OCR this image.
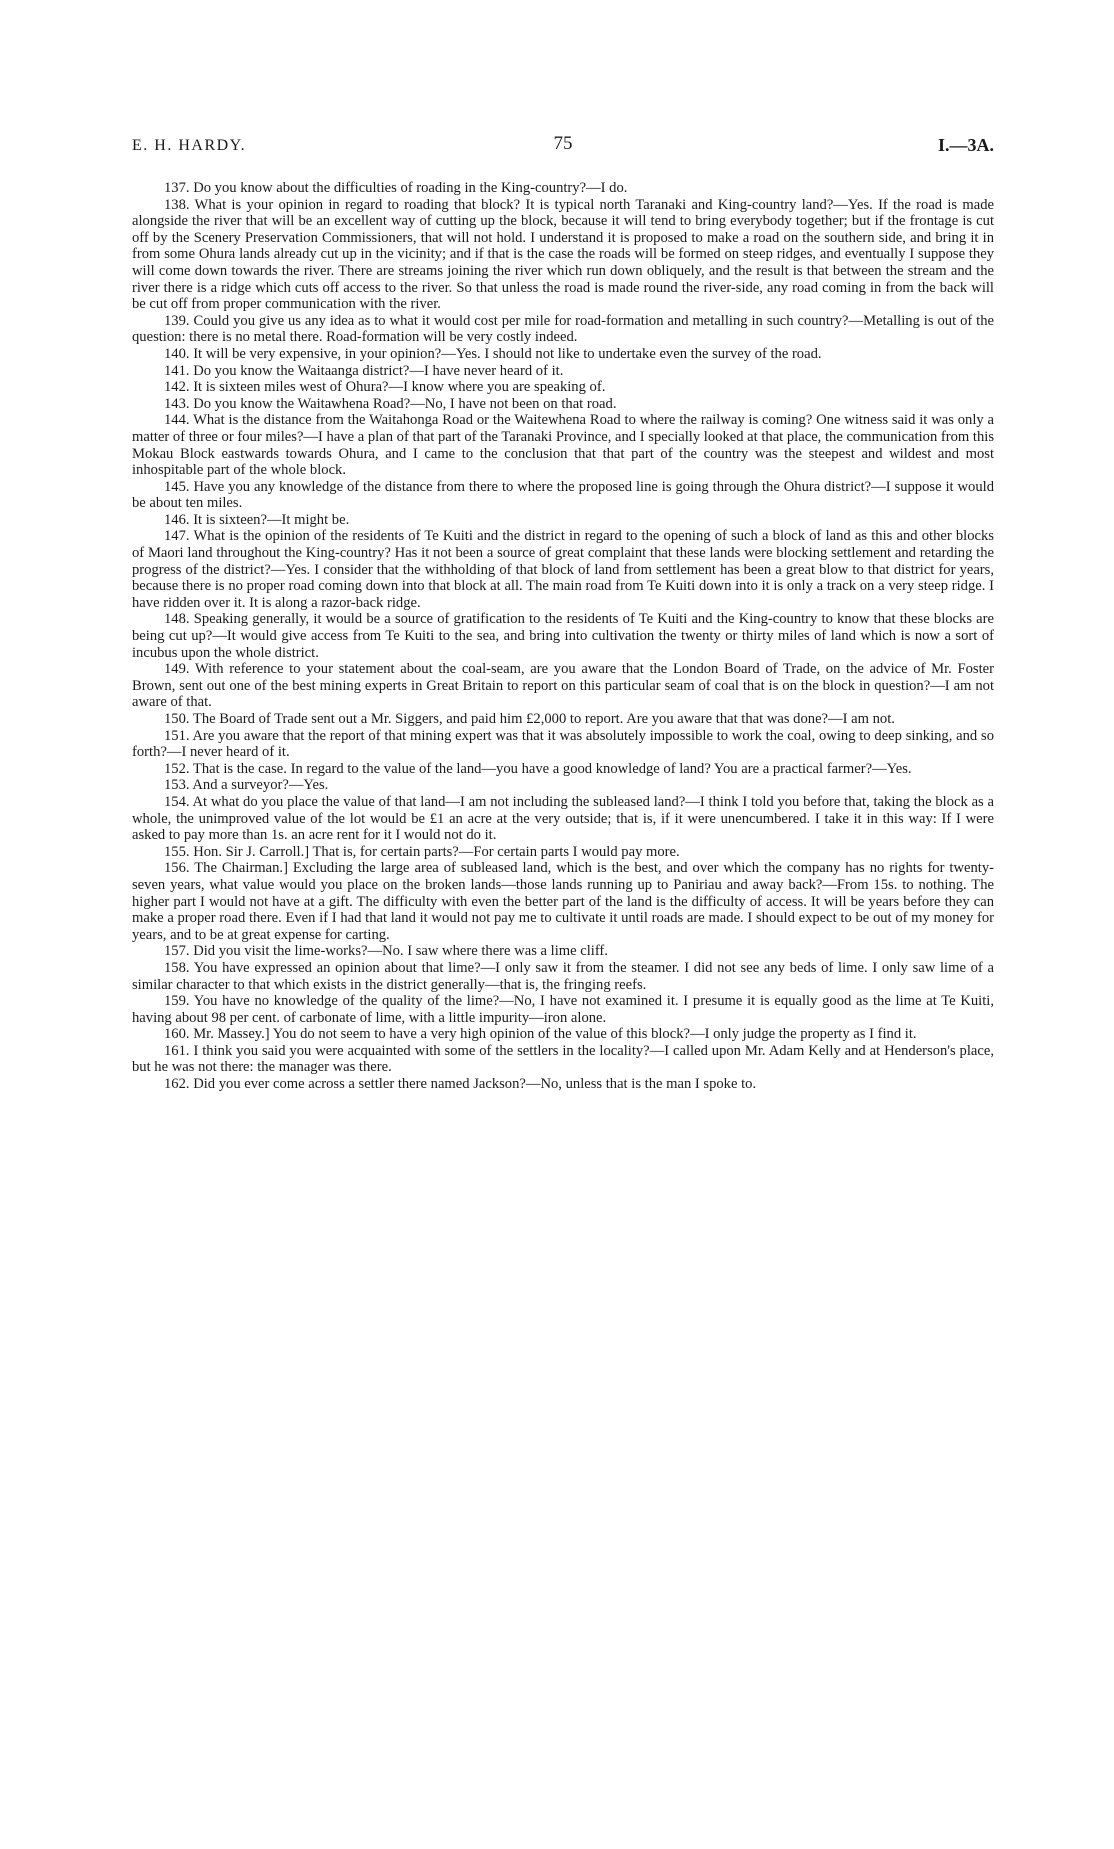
E. H. HARDY.	75	I.—3A.

137. Do you know about the difficulties of roading in the King-country?—I do.

138. What is your opinion in regard to roading that block? It is typical north Taranaki and King-country land?—Yes. If the road is made alongside the river that will be an excellent way of cutting up the block, because it will tend to bring everybody together; but if the frontage is cut off by the Scenery Preservation Commissioners, that will not hold. I understand it is proposed to make a road on the southern side, and bring it in from some Ohura lands already cut up in the vicinity; and if that is the case the roads will be formed on steep ridges, and eventually I suppose they will come down towards the river. There are streams joining the river which run down obliquely, and the result is that between the stream and the river there is a ridge which cuts off access to the river. So that unless the road is made round the river-side, any road coming in from the back will be cut off from proper communication with the river.

139. Could you give us any idea as to what it would cost per mile for road-formation and metalling in such country?—Metalling is out of the question: there is no metal there. Road-formation will be very costly indeed.

140. It will be very expensive, in your opinion?—Yes. I should not like to undertake even the survey of the road.

141. Do you know the Waitaanga district?—I have never heard of it.

142. It is sixteen miles west of Ohura?—I know where you are speaking of.

143. Do you know the Waitawhena Road?—No, I have not been on that road.

144. What is the distance from the Waitahonga Road or the Waitewhena Road to where the railway is coming? One witness said it was only a matter of three or four miles?—I have a plan of that part of the Taranaki Province, and I specially looked at that place, the communication from this Mokau Block eastwards towards Ohura, and I came to the conclusion that that part of the country was the steepest and wildest and most inhospitable part of the whole block.

145. Have you any knowledge of the distance from there to where the proposed line is going through the Ohura district?—I suppose it would be about ten miles.

146. It is sixteen?—It might be.

147. What is the opinion of the residents of Te Kuiti and the district in regard to the opening of such a block of land as this and other blocks of Maori land throughout the King-country? Has it not been a source of great complaint that these lands were blocking settlement and retarding the progress of the district?—Yes. I consider that the withholding of that block of land from settlement has been a great blow to that district for years, because there is no proper road coming down into that block at all. The main road from Te Kuiti down into it is only a track on a very steep ridge. I have ridden over it. It is along a razor-back ridge.

148. Speaking generally, it would be a source of gratification to the residents of Te Kuiti and the King-country to know that these blocks are being cut up?—It would give access from Te Kuiti to the sea, and bring into cultivation the twenty or thirty miles of land which is now a sort of incubus upon the whole district.

149. With reference to your statement about the coal-seam, are you aware that the London Board of Trade, on the advice of Mr. Foster Brown, sent out one of the best mining experts in Great Britain to report on this particular seam of coal that is on the block in question?—I am not aware of that.

150. The Board of Trade sent out a Mr. Siggers, and paid him £2,000 to report. Are you aware that that was done?—I am not.

151. Are you aware that the report of that mining expert was that it was absolutely impossible to work the coal, owing to deep sinking, and so forth?—I never heard of it.

152. That is the case. In regard to the value of the land—you have a good knowledge of land? You are a practical farmer?—Yes.

153. And a surveyor?—Yes.

154. At what do you place the value of that land—I am not including the subleased land?—I think I told you before that, taking the block as a whole, the unimproved value of the lot would be £1 an acre at the very outside; that is, if it were unencumbered. I take it in this way: If I were asked to pay more than 1s. an acre rent for it I would not do it.

155. Hon. Sir J. Carroll.] That is, for certain parts?—For certain parts I would pay more.

156. The Chairman.] Excluding the large area of subleased land, which is the best, and over which the company has no rights for twenty-seven years, what value would you place on the broken lands—those lands running up to Paniriau and away back?—From 15s. to nothing. The higher part I would not have at a gift. The difficulty with even the better part of the land is the difficulty of access. It will be years before they can make a proper road there. Even if I had that land it would not pay me to cultivate it until roads are made. I should expect to be out of my money for years, and to be at great expense for carting.

157. Did you visit the lime-works?—No. I saw where there was a lime cliff.

158. You have expressed an opinion about that lime?—I only saw it from the steamer. I did not see any beds of lime. I only saw lime of a similar character to that which exists in the district generally—that is, the fringing reefs.

159. You have no knowledge of the quality of the lime?—No, I have not examined it. I presume it is equally good as the lime at Te Kuiti, having about 98 per cent. of carbonate of lime, with a little impurity—iron alone.

160. Mr. Massey.] You do not seem to have a very high opinion of the value of this block?—I only judge the property as I find it.

161. I think you said you were acquainted with some of the settlers in the locality?—I called upon Mr. Adam Kelly and at Henderson's place, but he was not there: the manager was there.

162. Did you ever come across a settler there named Jackson?—No, unless that is the man I spoke to.
